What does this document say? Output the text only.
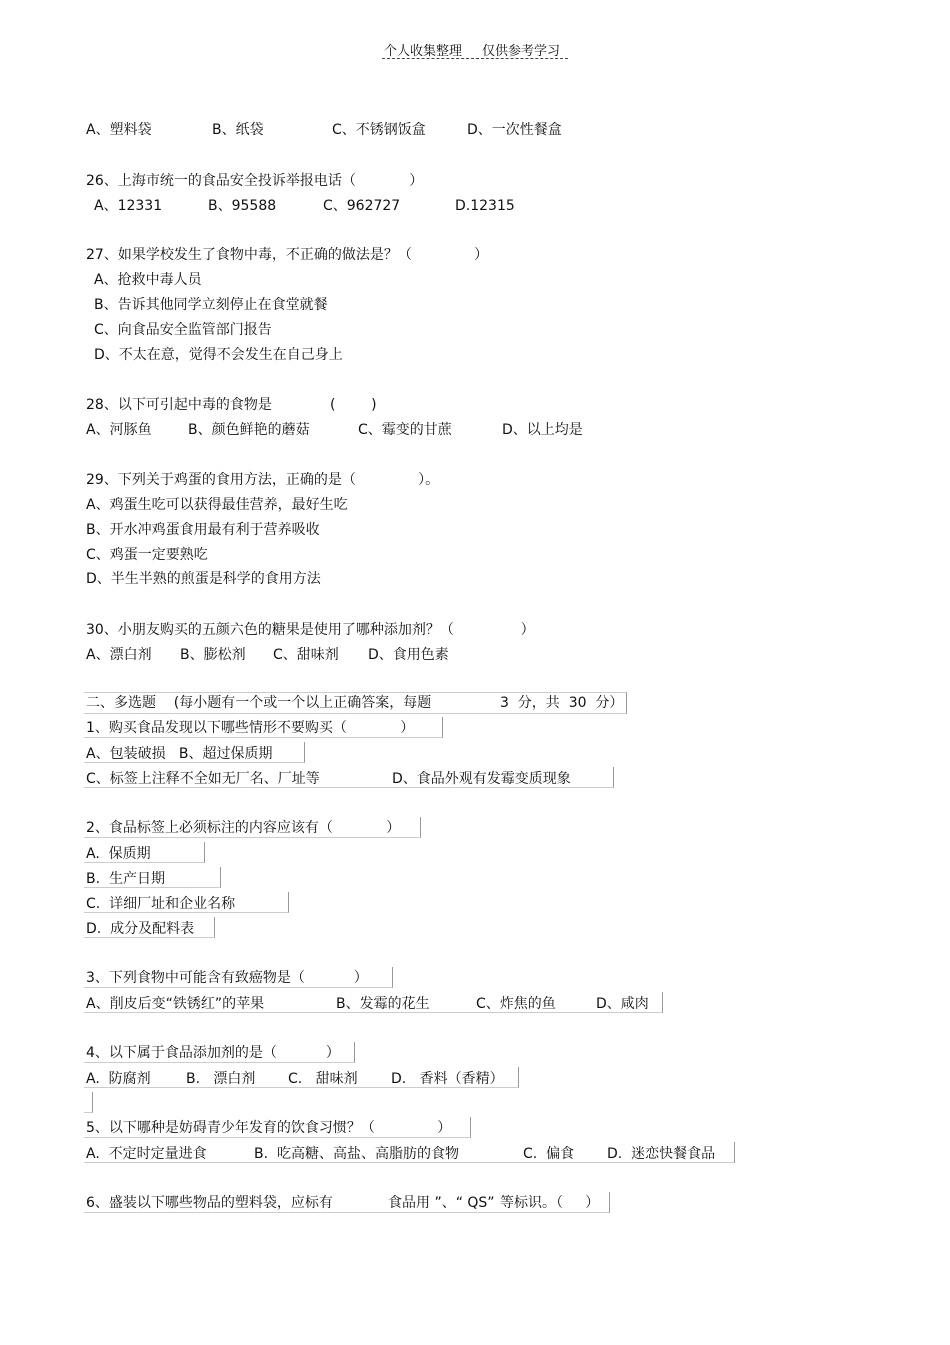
个人收集整理 仅供参考学习
A、塑料袋	B、纸袋	C、不锈钢饭盒	D、一次性餐盒
26、上海市统一的食品安全投诉举报电话（            ）
A、12331	B、95588	C、962727	D.12315
27、如果学校发生了食物中毒，不正确的做法是？（              ）
A、抢救中毒人员
B、告诉其他同学立刻停止在食堂就餐
C、向食品安全监管部门报告
D、不太在意，觉得不会发生在自己身上
28、以下可引起中毒的食物是	(        )
A、河豚鱼	B、颜色鲜艳的蘑菇	C、霉变的甘蔗	D、以上均是
29、下列关于鸡蛋的食用方法，正确的是（              ）。
A、鸡蛋生吃可以获得最佳营养，最好生吃
B、开水冲鸡蛋食用最有利于营养吸收
C、鸡蛋一定要熟吃
D、半生半熟的煎蛋是科学的食用方法
30、小朋友购买的五颜六色的糖果是使用了哪种添加剂？（               ）
A、漂白剂 B、膨松剂 C、甜味剂 D、食用色素
二、多选题    (每小题有一个或一个以上正确答案，每题	3  分，共  30  分）
1、购买食品发现以下哪些情形不要购买（            ）
A、包装破损   B、超过保质期
C、标签上注释不全如无厂名、厂址等	D、食品外观有发霉变质现象
2、食品标签上必须标注的内容应该有（            ）
A.  保质期
B.  生产日期
C.  详细厂址和企业名称
D.  成分及配料表
3、下列食物中可能含有致癌物是（           ）
A、削皮后变“铁锈红”的苹果	B、发霉的花生	C、炸焦的鱼	D、咸肉
4、以下属于食品添加剂的是（           ）
A.  防腐剂	B.   漂白剂 C.   甜味剂 D.   香料（香精）
5、以下哪种是妨碍青少年发育的饮食习惯？（              ）
A.  不定时定量进食	B.  吃高糖、高盐、高脂肪的食物	C.  偏食 D.  迷恋快餐食品
6、盛装以下哪些物品的塑料袋，应标有	食品用 ”、“ QS” 等标识。（     ）
